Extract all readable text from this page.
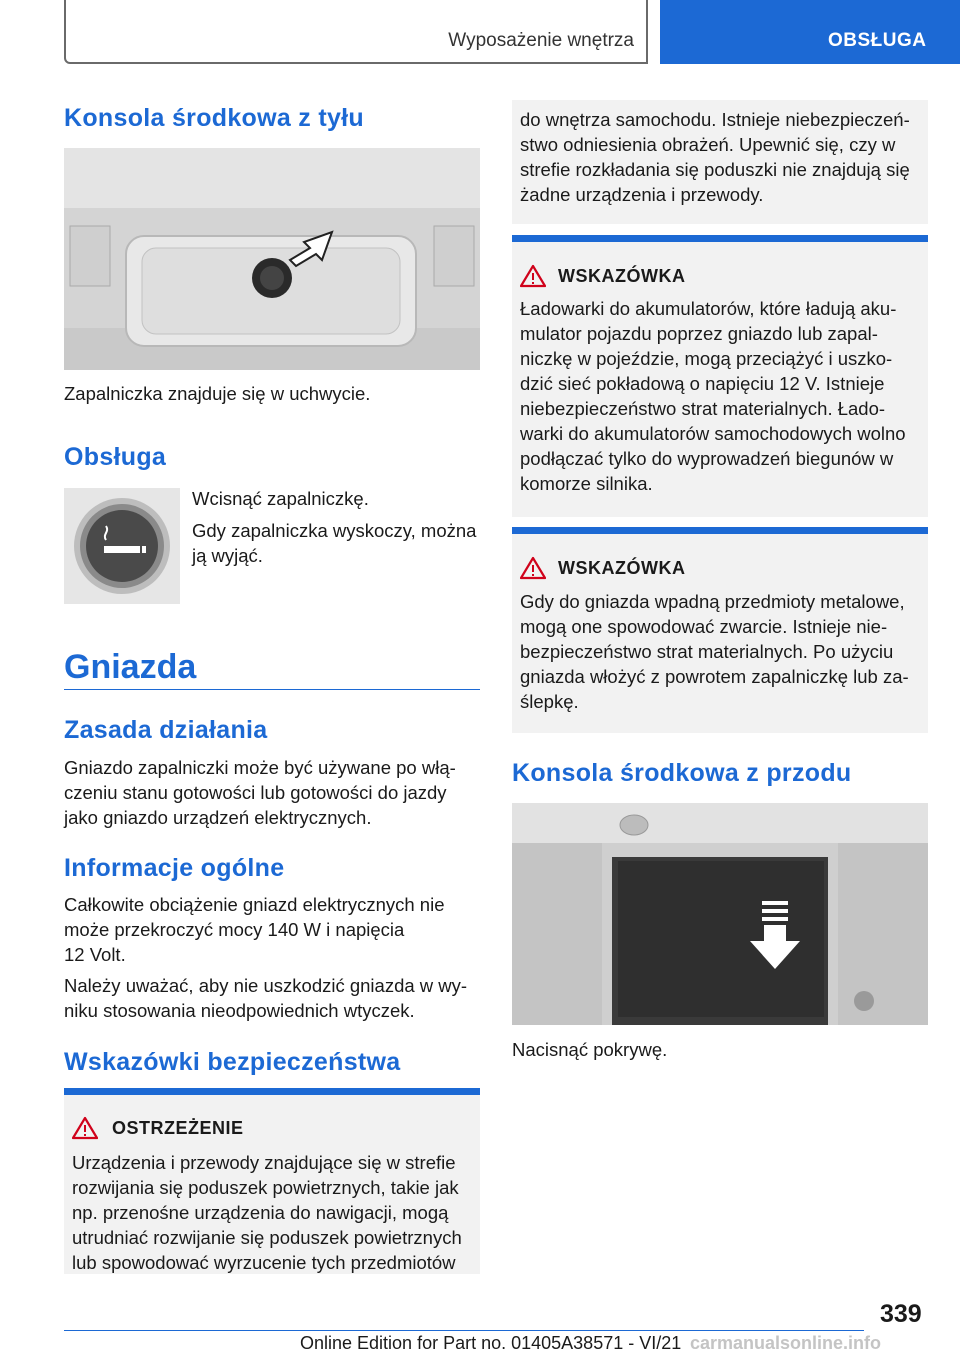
Wyposażenie wnętrza	OBSŁUGA
Konsola środkowa z tyłu
Zapalniczka znajduje się w uchwycie.
Obsługa
Wcisnąć zapalniczkę.
Gdy zapalniczka wyskoczy, można
ją wyjąć.
Gniazda
Zasada działania
Gniazdo zapalniczki może być używane po włą-
czeniu stanu gotowości lub gotowości do jazdy
jako gniazdo urządzeń elektrycznych.
Informacje ogólne
Całkowite obciążenie gniazd elektrycznych nie
może przekroczyć mocy 140 W i napięcia
12 Volt.
Należy uważać, aby nie uszkodzić gniazda w wy-
niku stosowania nieodpowiednich wtyczek.
Wskazówki bezpieczeństwa
OSTRZEŻENIE
Urządzenia i przewody znajdujące się w strefie
rozwijania się poduszek powietrznych, takie jak
np. przenośne urządzenia do nawigacji, mogą
utrudniać rozwijanie się poduszek powietrznych
lub spowodować wyrzucenie tych przedmiotów
do wnętrza samochodu. Istnieje niebezpieczeń-
stwo odniesienia obrażeń. Upewnić się, czy w
strefie rozkładania się poduszki nie znajdują się
żadne urządzenia i przewody.
WSKAZÓWKA
Ładowarki do akumulatorów, które ładują aku-
mulator pojazdu poprzez gniazdo lub zapal-
niczkę w pojeździe, mogą przeciążyć i uszko-
dzić sieć pokładową o napięciu 12 V. Istnieje
niebezpieczeństwo strat materialnych. Łado-
warki do akumulatorów samochodowych wolno
podłączać tylko do wyprowadzeń biegunów w
komorze silnika.
WSKAZÓWKA
Gdy do gniazda wpadną przedmioty metalowe,
mogą one spowodować zwarcie. Istnieje nie-
bezpieczeństwo strat materialnych. Po użyciu
gniazda włożyć z powrotem zapalniczkę lub za-
ślepkę.
Konsola środkowa z przodu
Nacisnąć pokrywę.
339
Online Edition for Part no. 01405A38571 - VI/21 carmanualsonline.info
